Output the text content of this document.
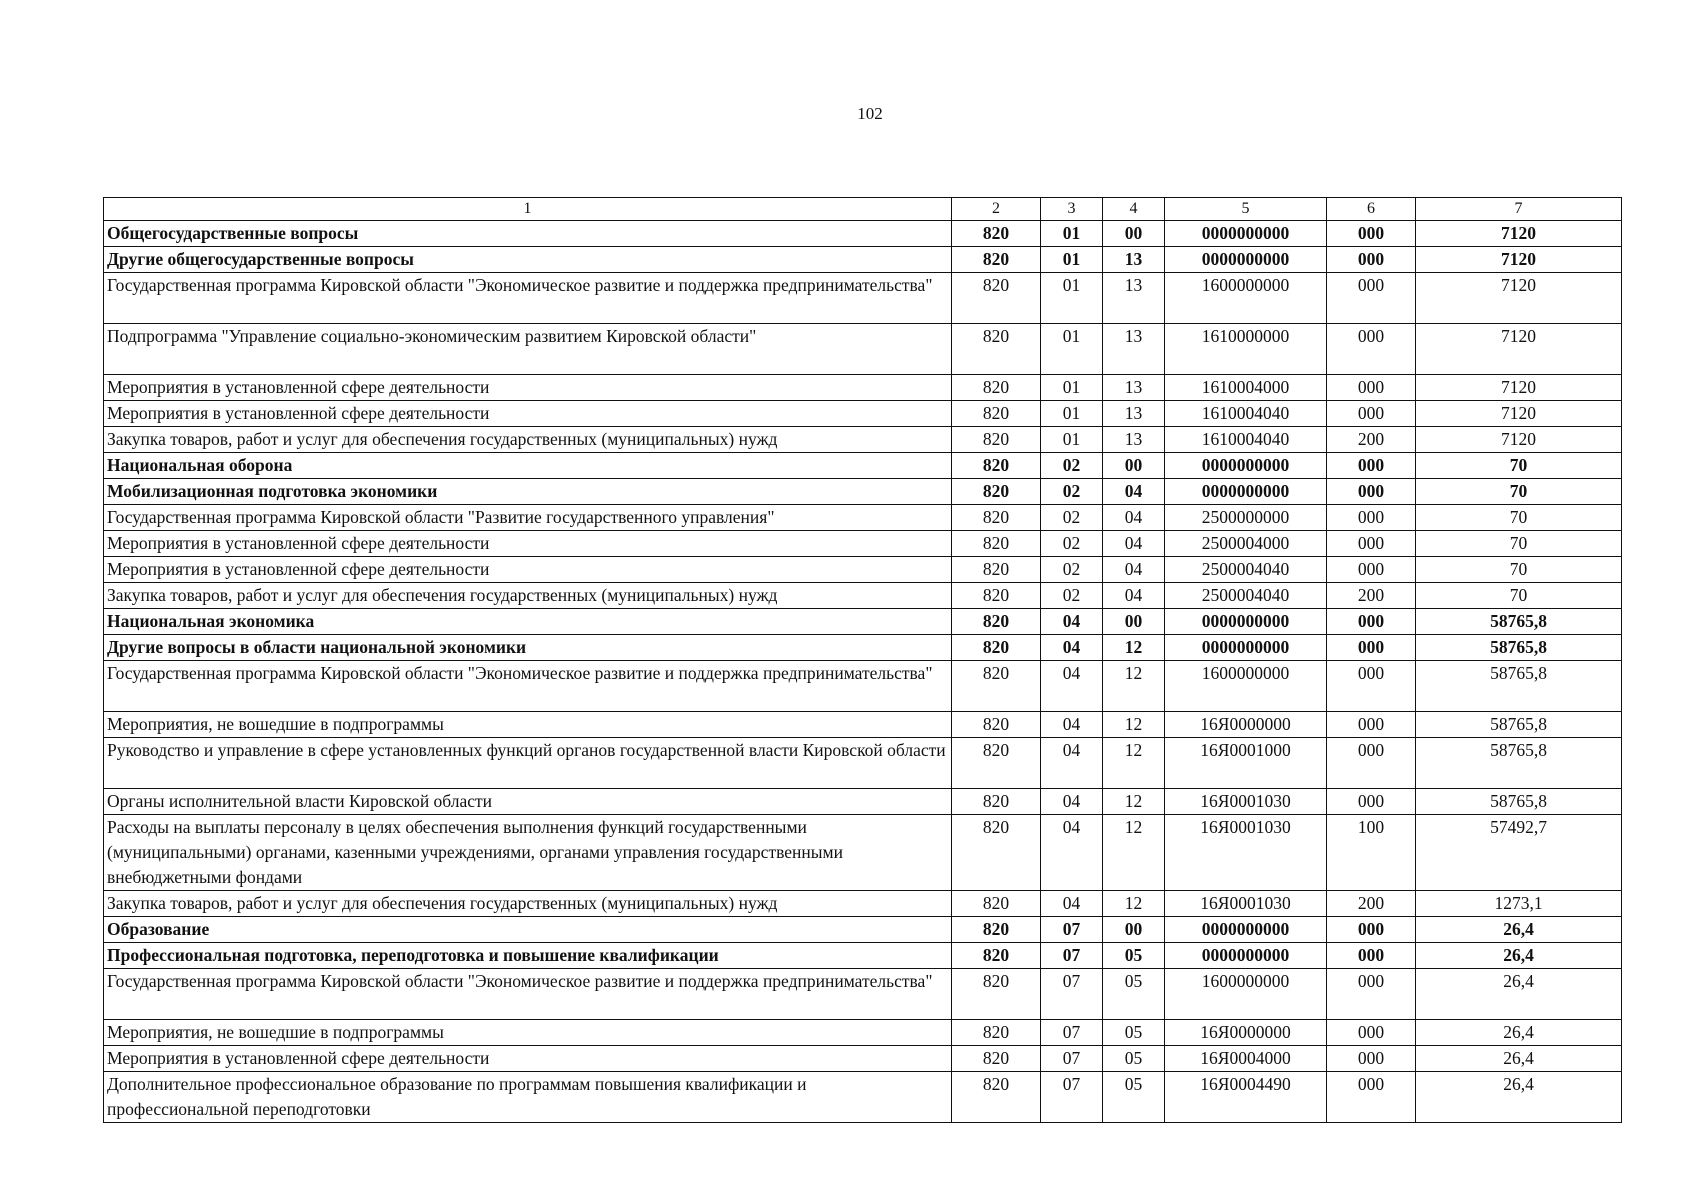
102
1	2	3	4	5	6	7
Общегосударственные вопросы	820	01	00	0000000000	000	7120
Другие общегосударственные вопросы	820	01	13	0000000000	000	7120
Государственная программа Кировской области "Экономическое развитие и поддержка предпринимательства"	820	01	13	1600000000	000	7120
Подпрограмма "Управление социально-экономическим развитием Кировской области"	820	01	13	1610000000	000	7120
Мероприятия в установленной сфере деятельности	820	01	13	1610004000	000	7120
Мероприятия в установленной сфере деятельности	820	01	13	1610004040	000	7120
Закупка товаров, работ и услуг для обеспечения государственных (муниципальных) нужд	820	01	13	1610004040	200	7120
Национальная оборона	820	02	00	0000000000	000	70
Мобилизационная подготовка экономики	820	02	04	0000000000	000	70
Государственная программа Кировской области "Развитие государственного управления"	820	02	04	2500000000	000	70
Мероприятия в установленной сфере деятельности	820	02	04	2500004000	000	70
Мероприятия в установленной сфере деятельности	820	02	04	2500004040	000	70
Закупка товаров, работ и услуг для обеспечения государственных (муниципальных) нужд	820	02	04	2500004040	200	70
Национальная экономика	820	04	00	0000000000	000	58765,8
Другие вопросы в области национальной экономики	820	04	12	0000000000	000	58765,8
Государственная программа Кировской области "Экономическое развитие и поддержка предпринимательства"	820	04	12	1600000000	000	58765,8
Мероприятия, не вошедшие в подпрограммы	820	04	12	16Я0000000	000	58765,8
Руководство и управление в сфере установленных функций органов государственной власти Кировской области	820	04	12	16Я0001000	000	58765,8
Органы исполнительной власти Кировской области	820	04	12	16Я0001030	000	58765,8
Расходы на выплаты персоналу в целях обеспечения выполнения функций государственными (муниципальными) органами, казенными учреждениями, органами управления государственными внебюджетными фондами	820	04	12	16Я0001030	100	57492,7
Закупка товаров, работ и услуг для обеспечения государственных (муниципальных) нужд	820	04	12	16Я0001030	200	1273,1
Образование	820	07	00	0000000000	000	26,4
Профессиональная подготовка, переподготовка и повышение квалификации	820	07	05	0000000000	000	26,4
Государственная программа Кировской области "Экономическое развитие и поддержка предпринимательства"	820	07	05	1600000000	000	26,4
Мероприятия, не вошедшие в подпрограммы	820	07	05	16Я0000000	000	26,4
Мероприятия в установленной сфере деятельности	820	07	05	16Я0004000	000	26,4
Дополнительное профессиональное образование по программам повышения квалификации и профессиональной переподготовки	820	07	05	16Я0004490	000	26,4
